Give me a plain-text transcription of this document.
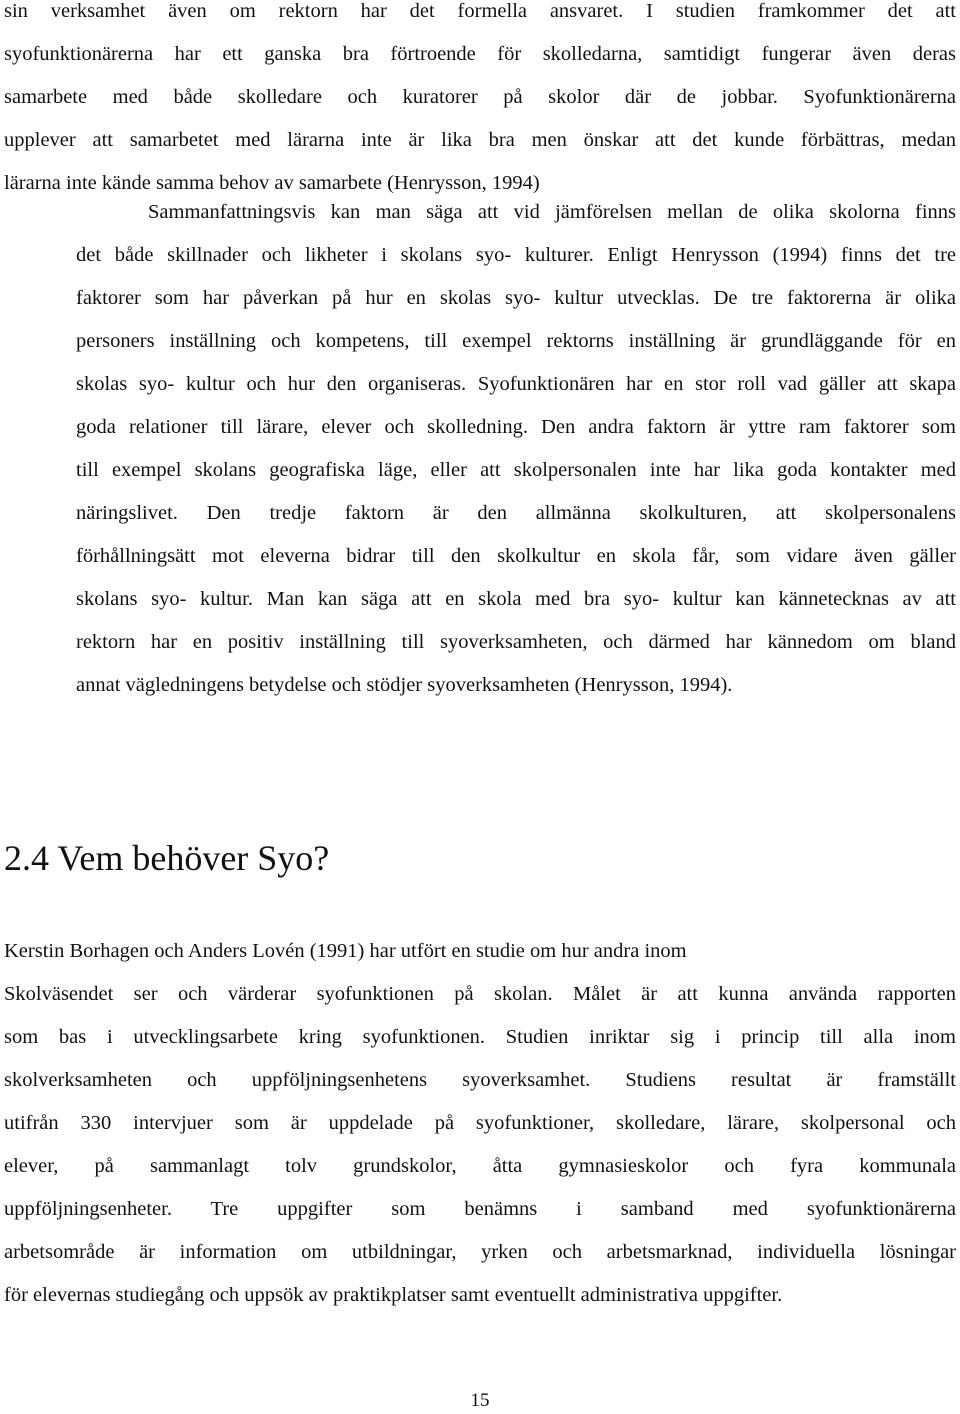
sin verksamhet även om rektorn har det formella ansvaret. I studien framkommer det att
syofunktionärerna har ett ganska bra förtroende för skolledarna, samtidigt fungerar även deras
samarbete med både skolledare och kuratorer på skolor där de jobbar. Syofunktionärerna
upplever att samarbetet med lärarna inte är lika bra men önskar att det kunde förbättras, medan
lärarna inte kände samma behov av samarbete (Henrysson, 1994)

Sammanfattningsvis kan man säga att vid jämförelsen mellan de olika skolorna finns
det både skillnader och likheter i skolans syo- kulturer. Enligt Henrysson (1994) finns det tre
faktorer som har påverkan på hur en skolas syo- kultur utvecklas. De tre faktorerna är olika
personers inställning och kompetens, till exempel rektorns inställning är grundläggande för en
skolas syo- kultur och hur den organiseras. Syofunktionären har en stor roll vad gäller att skapa
goda relationer till lärare, elever och skolledning. Den andra faktorn är yttre ram faktorer som
till exempel skolans geografiska läge, eller att skolpersonalen inte har lika goda kontakter med
näringslivet. Den tredje faktorn är den allmänna skolkulturen, att skolpersonalens
förhållningsätt mot eleverna bidrar till den skolkultur en skola får, som vidare även gäller
skolans syo- kultur. Man kan säga att en skola med bra syo- kultur kan kännetecknas av att
rektorn har en positiv inställning till syoverksamheten, och därmed har kännedom om bland
annat vägledningens betydelse och stödjer syoverksamheten (Henrysson, 1994).

2.4 Vem behöver Syo?

Kerstin Borhagen och Anders Lovén (1991) har utfört en studie om hur andra inom
Skolväsendet ser och värderar syofunktionen på skolan. Målet är att kunna använda rapporten
som bas i utvecklingsarbete kring syofunktionen. Studien inriktar sig i princip till alla inom
skolverksamheten och uppföljningsenhetens syoverksamhet. Studiens resultat är framställt
utifrån 330 intervjuer som är uppdelade på syofunktioner, skolledare, lärare, skolpersonal och
elever, på sammanlagt tolv grundskolor, åtta gymnasieskolor och fyra kommunala
uppföljningsenheter. Tre uppgifter som benämns i samband med syofunktionärerna
arbetsområde är information om utbildningar, yrken och arbetsmarknad, individuella lösningar
för elevernas studiegång och uppsök av praktikplatser samt eventuellt administrativa uppgifter.

15
